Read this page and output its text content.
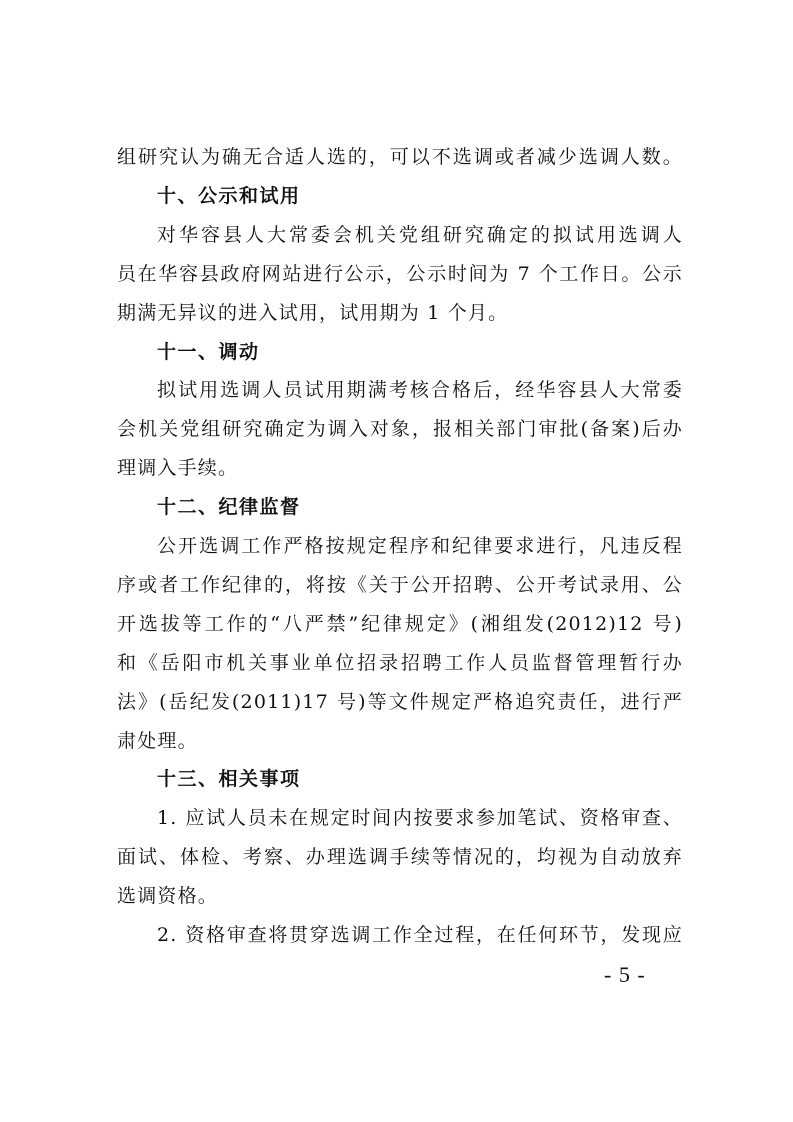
组研究认为确无合适人选的，可以不选调或者减少选调人数。
十、公示和试用
对华容县人大常委会机关党组研究确定的拟试用选调人
员在华容县政府网站进行公示，公示时间为 7 个工作日。公示
期满无异议的进入试用，试用期为 1 个月。
十一、调动
拟试用选调人员试用期满考核合格后，经华容县人大常委
会机关党组研究确定为调入对象，报相关部门审批(备案)后办
理调入手续。
十二、纪律监督
公开选调工作严格按规定程序和纪律要求进行，凡违反程
序或者工作纪律的，将按《关于公开招聘、公开考试录用、公
开选拔等工作的“八严禁”纪律规定》(湘组发(2012)12 号)
和《岳阳市机关事业单位招录招聘工作人员监督管理暂行办
法》(岳纪发(2011)17 号)等文件规定严格追究责任，进行严
肃处理。
十三、相关事项
1. 应试人员未在规定时间内按要求参加笔试、资格审查、
面试、体检、考察、办理选调手续等情况的，均视为自动放弃
选调资格。
- 5 -
2. 资格审查将贯穿选调工作全过程，在任何环节，发现应
